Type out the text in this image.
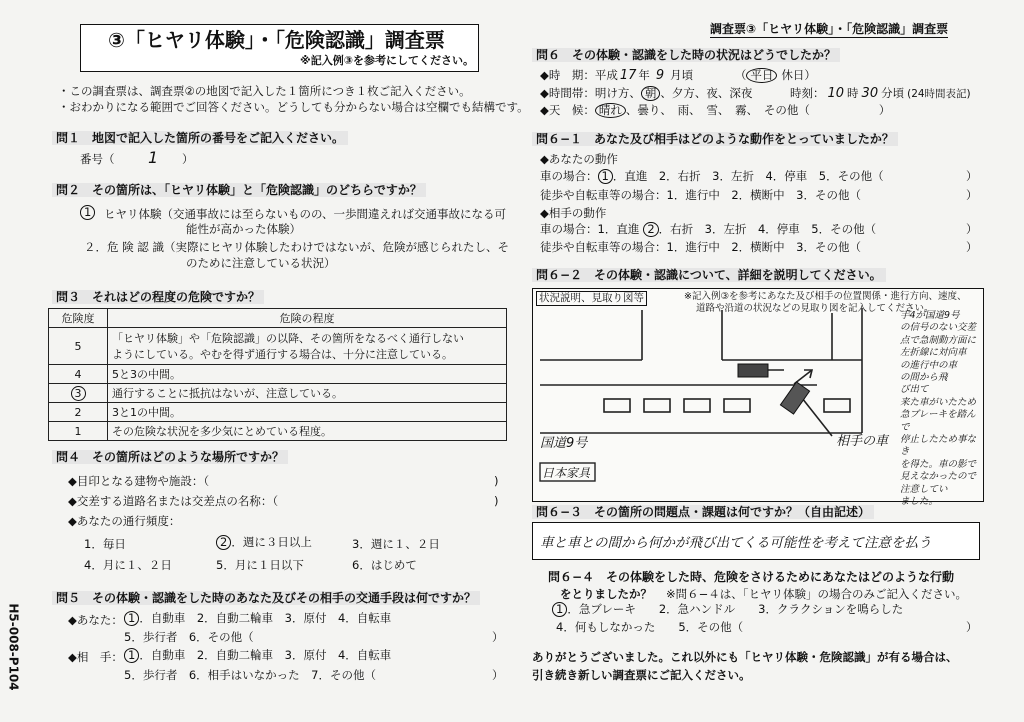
③「ヒヤリ体験」・「危険認識」調査票
※記入例③を参考にしてください。
調査票③「ヒヤリ体験」・「危険認識」調査票
H5-008-P104
・この調査票は、調査票②の地図で記入した１箇所につき１枚ご記入ください。
・おわかりになる範囲でご回答ください。どうしても分からない場合は空欄でも結構です。
問１　地図で記入した箇所の番号をご記入ください。
番号（ 1 ）
問２　その箇所は、「ヒヤリ体験」と「危険認識」のどちらですか？
1	ヒヤリ体験（交通事故には至らないものの、一歩間違えれば交通事故になる可
能性が高かった体験）
２．危 険 認 識（実際にヒヤリ体験したわけではないが、危険が感じられたし、そ
のために注意している状況）
問３　それはどの程度の危険ですか？
危険度	危険の程度
5	「ヒヤリ体験」や「危険認識」の以降、その箇所をなるべく通行しない
ようにしている。やむを得ず通行する場合は、十分に注意している。

4	5と3の中間。
3	通行することに抵抗はないが、注意している。
2	3と1の中間。
1	その危険な状況を多少気にとめている程度。
問４　その箇所はどのような場所ですか？
◆目印となる建物や施設：（	)
◆交差する道路名または交差点の名称：（	)
◆あなたの通行頻度：
1．毎日	2 ．週に３日以上	3．週に１、２日
4．月に１、２日	5．月に１日以下	6．はじめて
問５　その体験・認識をした時のあなた及びその相手の交通手段は何ですか？
◆あなた： 1 ．自動車　2．自動二輪車　3．原付　4．自転車
5．歩行者　6．その他（	）
◆相　手： 1 ．自動車　2．自動二輪車　3．原付　4．自転車
5．歩行者　6．相手はいなかった　7．その他（	）
問６　その体験・認識をした時の状況はどうでしたか？
◆時　期：平成 17 年 9 月頃	（ 平日 休日）
◆時間帯：明け方、 朝 、夕方、夜、深夜	時刻： 10 時 30 分頃 (24時間表記)
◆天　候： 晴れ 、曇り、　雨、　雪、　霧、　その他（　　　　　　）
問６−１　あなた及び相手はどのような動作をとっていましたか？
◆あなたの動作
車の場合： 1 ．直進　2．右折　3．左折　4．停車　5．その他（	）
徒歩や自転車等の場合：1．進行中　2．横断中　3．その他（	）
◆相手の動作
車の場合：1．直進 2 ．右折　3．左折　4．停車　5．その他（	）
徒歩や自転車等の場合：1．進行中　2．横断中　3．その他（	）
問６−２　その体験・認識について、詳細を説明してください。
状況説明、見取り図等	※記入例③を参考にあなた及び相手の位置関係・進行方向、速度、
道路や沿道の状況などの見取り図を記入してください。
国道9号
日本家具
相手の車
手4が国道9号
の信号のない交差
点で急制動方面に
左折線に対向車
の進行中の車
の間から飛
び出て
来た車がいたため
急ブレーキを踏んで
停止したため事なき
を得た。車の影で
見えなかったので
注意してい
ました。
問６−３　その箇所の問題点・課題は何ですか？（自由記述）
車と車との間から何かが飛び出てくる可能性を考えて注意を払う
問６−４　その体験をした時、危険をさけるためにあなたはどのような行動
をとりましたか？ ※問６−４は、「ヒヤリ体験」の場合のみご記入ください。
1 ．急ブレーキ　　2．急ハンドル　　3．クラクションを鳴らした
4．何もしなかった　　5．その他（	）
ありがとうございました。これ以外にも「ヒヤリ体験・危険認識」が有る場合は、
引き続き新しい調査票にご記入ください。
